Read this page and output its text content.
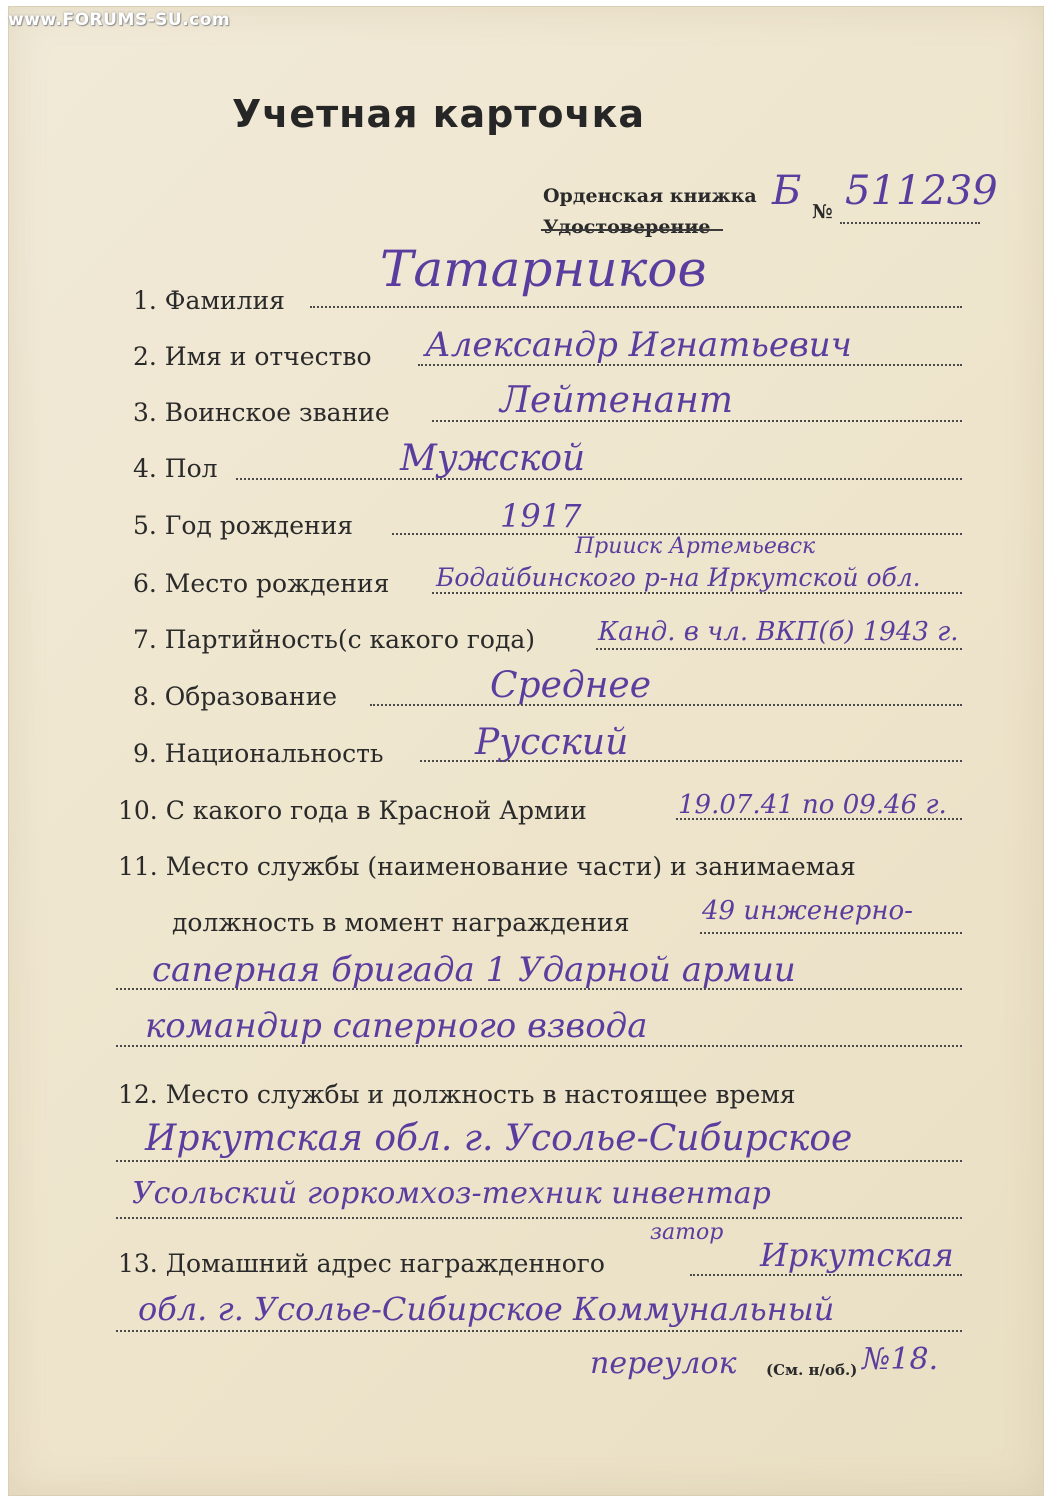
www.FORUMS-SU.com
Учетная карточка
Орденская книжка
Удостоверение
№
Б 511239
1. Фамилия
Татарников
2. Имя и отчество Александр Игнатьевич
3. Воинское звание	Лейтенант
4. Пол	Мужской
5. Год рождения	1917
Прииск Артемьевск
6. Место рождения Бодайбинского р-на Иркутской обл.
7. Партийность(с какого года) Канд. в чл. ВКП(б) 1943 г.
8. Образование	Среднее
9. Национальность	Русский
10. С какого года в Красной Армии	19.07.41 по 09.46 г.
11. Место службы (наименование части) и занимаемая
должность в момент награждения	49 инженерно-
саперная бригада 1 Ударной армии
командир саперного взвода
12. Место службы и должность в настоящее время
Иркутская обл. г. Усолье-Сибирское
Усольский горкомхоз-техник инвентар
затор
13. Домашний адрес награжденного	Иркутская
обл. г. Усолье-Сибирское Коммунальный
переулок (См. н/об.) №18.
